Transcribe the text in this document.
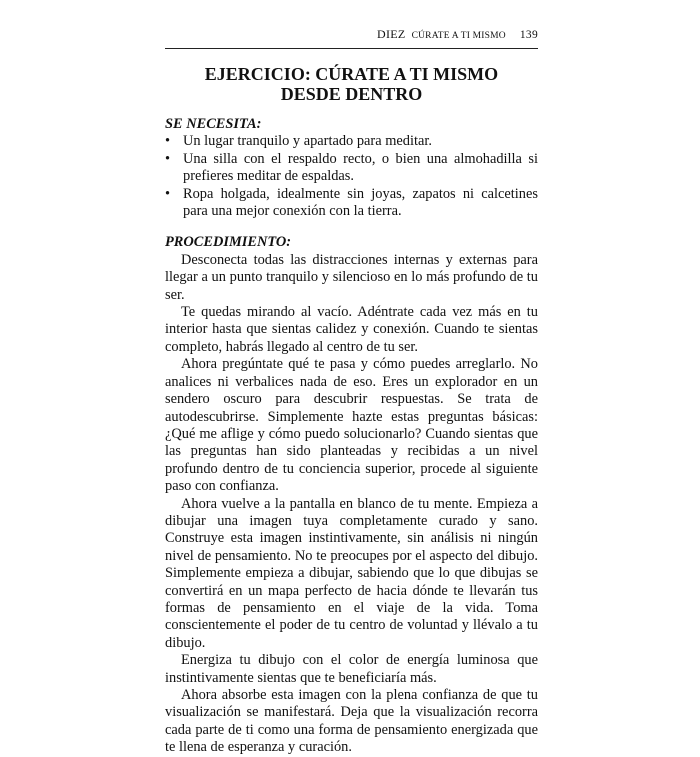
DIEZ CÚRATE A TI MISMO 139
EJERCICIO: CÚRATE A TI MISMO
DESDE DENTRO

SE NECESITA:

• Un lugar tranquilo y apartado para meditar.
• Una silla con el respaldo recto, o bien una almohadilla si prefieres meditar de espaldas.
• Ropa holgada, idealmente sin joyas, zapatos ni calcetines para una mejor conexión con la tierra.

PROCEDIMIENTO:

Desconecta todas las distracciones internas y externas para llegar a un punto tranquilo y silencioso en lo más profundo de tu ser.

Te quedas mirando al vacío. Adéntrate cada vez más en tu interior hasta que sientas calidez y conexión. Cuando te sientas completo, habrás llegado al centro de tu ser.

Ahora pregúntate qué te pasa y cómo puedes arreglarlo. No analices ni verbalices nada de eso. Eres un explorador en un sendero oscuro para descubrir respuestas. Se trata de autodescubrirse. Simplemente hazte estas preguntas básicas: ¿Qué me aflige y cómo puedo solucionarlo? Cuando sientas que las preguntas han sido planteadas y recibidas a un nivel profundo dentro de tu conciencia superior, procede al siguiente paso con confianza.

Ahora vuelve a la pantalla en blanco de tu mente. Empieza a dibujar una imagen tuya completamente curado y sano. Construye esta imagen instintivamente, sin análisis ni ningún nivel de pensamiento. No te preocupes por el aspecto del dibujo. Simplemente empieza a dibujar, sabiendo que lo que dibujas se convertirá en un mapa perfecto de hacia dónde te llevarán tus formas de pensamiento en el viaje de la vida. Toma conscientemente el poder de tu centro de voluntad y llévalo a tu dibujo.

Energiza tu dibujo con el color de energía luminosa que instintivamente sientas que te beneficiaría más.

Ahora absorbe esta imagen con la plena confianza de que tu visualización se manifestará. Deja que la visualización recorra cada parte de ti como una forma de pensamiento energizada que te llena de esperanza y curación.
